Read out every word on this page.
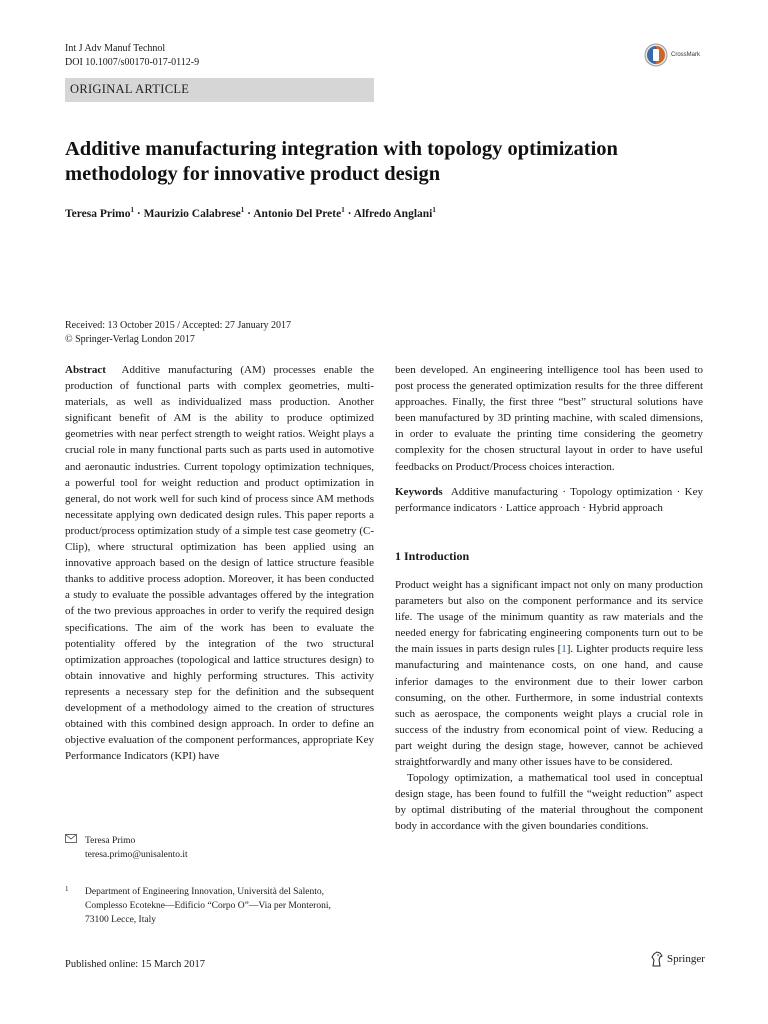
Int J Adv Manuf Technol
DOI 10.1007/s00170-017-0112-9
CrossMark
ORIGINAL ARTICLE
Additive manufacturing integration with topology optimization methodology for innovative product design
Teresa Primo$^1$ · Maurizio Calabrese$^1$ · Antonio Del Prete$^1$ · Alfredo Anglani$^1$
Received: 13 October 2015 / Accepted: 27 January 2017
© Springer-Verlag London 2017

Abstract Additive manufacturing (AM) processes enable the production of functional parts with complex geometries, multi-materials, as well as individualized mass production. Another significant benefit of AM is the ability to produce optimized geometries with near perfect strength to weight ratios. Weight plays a crucial role in many functional parts such as parts used in automotive and aeronautic industries. Current topology optimization techniques, a powerful tool for weight reduction and product optimization in general, do not work well for such kind of process since AM methods necessitate applying own dedicated design rules. This paper reports a product/process optimization study of a simple test case geometry (C-Clip), where structural optimization has been applied using an innovative approach based on the design of lattice structure feasible thanks to additive process adoption. Moreover, it has been conducted a study to evaluate the possible advantages offered by the integration of the two previous approaches in order to verify the required design specifications. The aim of the work has been to evaluate the potentiality offered by the integration of the two structural optimization approaches (topological and lattice structures design) to obtain innovative and highly performing structures. This activity represents a necessary step for the definition and the subsequent development of a methodology aimed to the creation of structures obtained with this combined design approach. In order to define an objective evaluation of the component performances, appropriate Key Performance Indicators (KPI) have

Teresa Primo
teresa.primo@unisalento.it
1	Department of Engineering Innovation, Università del Salento,
Complesso Ecotekne—Edificio “Corpo O”—Via per Monteroni,
73100 Lecce, Italy

been developed. An engineering intelligence tool has been used to post process the generated optimization results for the three different approaches. Finally, the first three “best” structural solutions have been manufactured by 3D printing machine, with scaled dimensions, in order to evaluate the printing time considering the geometry complexity for the chosen structural layout in order to have useful feedbacks on Product/Process choices interaction.

Keywords Additive manufacturing · Topology optimization · Key performance indicators · Lattice approach · Hybrid approach

1 Introduction

Product weight has a significant impact not only on many production parameters but also on the component performance and its service life. The usage of the minimum quantity as raw materials and the needed energy for fabricating engineering components turn out to be the main issues in parts design rules [1]. Lighter products require less manufacturing and maintenance costs, on one hand, and cause inferior damages to the environment due to their lower carbon consuming, on the other. Furthermore, in some industrial contexts such as aerospace, the components weight plays a crucial role in success of the industry from economical point of view. Reducing a part weight during the design stage, however, cannot be achieved straightforwardly and many other issues have to be considered.

Topology optimization, a mathematical tool used in conceptual design stage, has been found to fulfill the “weight reduction” aspect by optimal distributing of the material throughout the component body in accordance with the given boundaries conditions.

Published online: 15 March 2017	Springer
